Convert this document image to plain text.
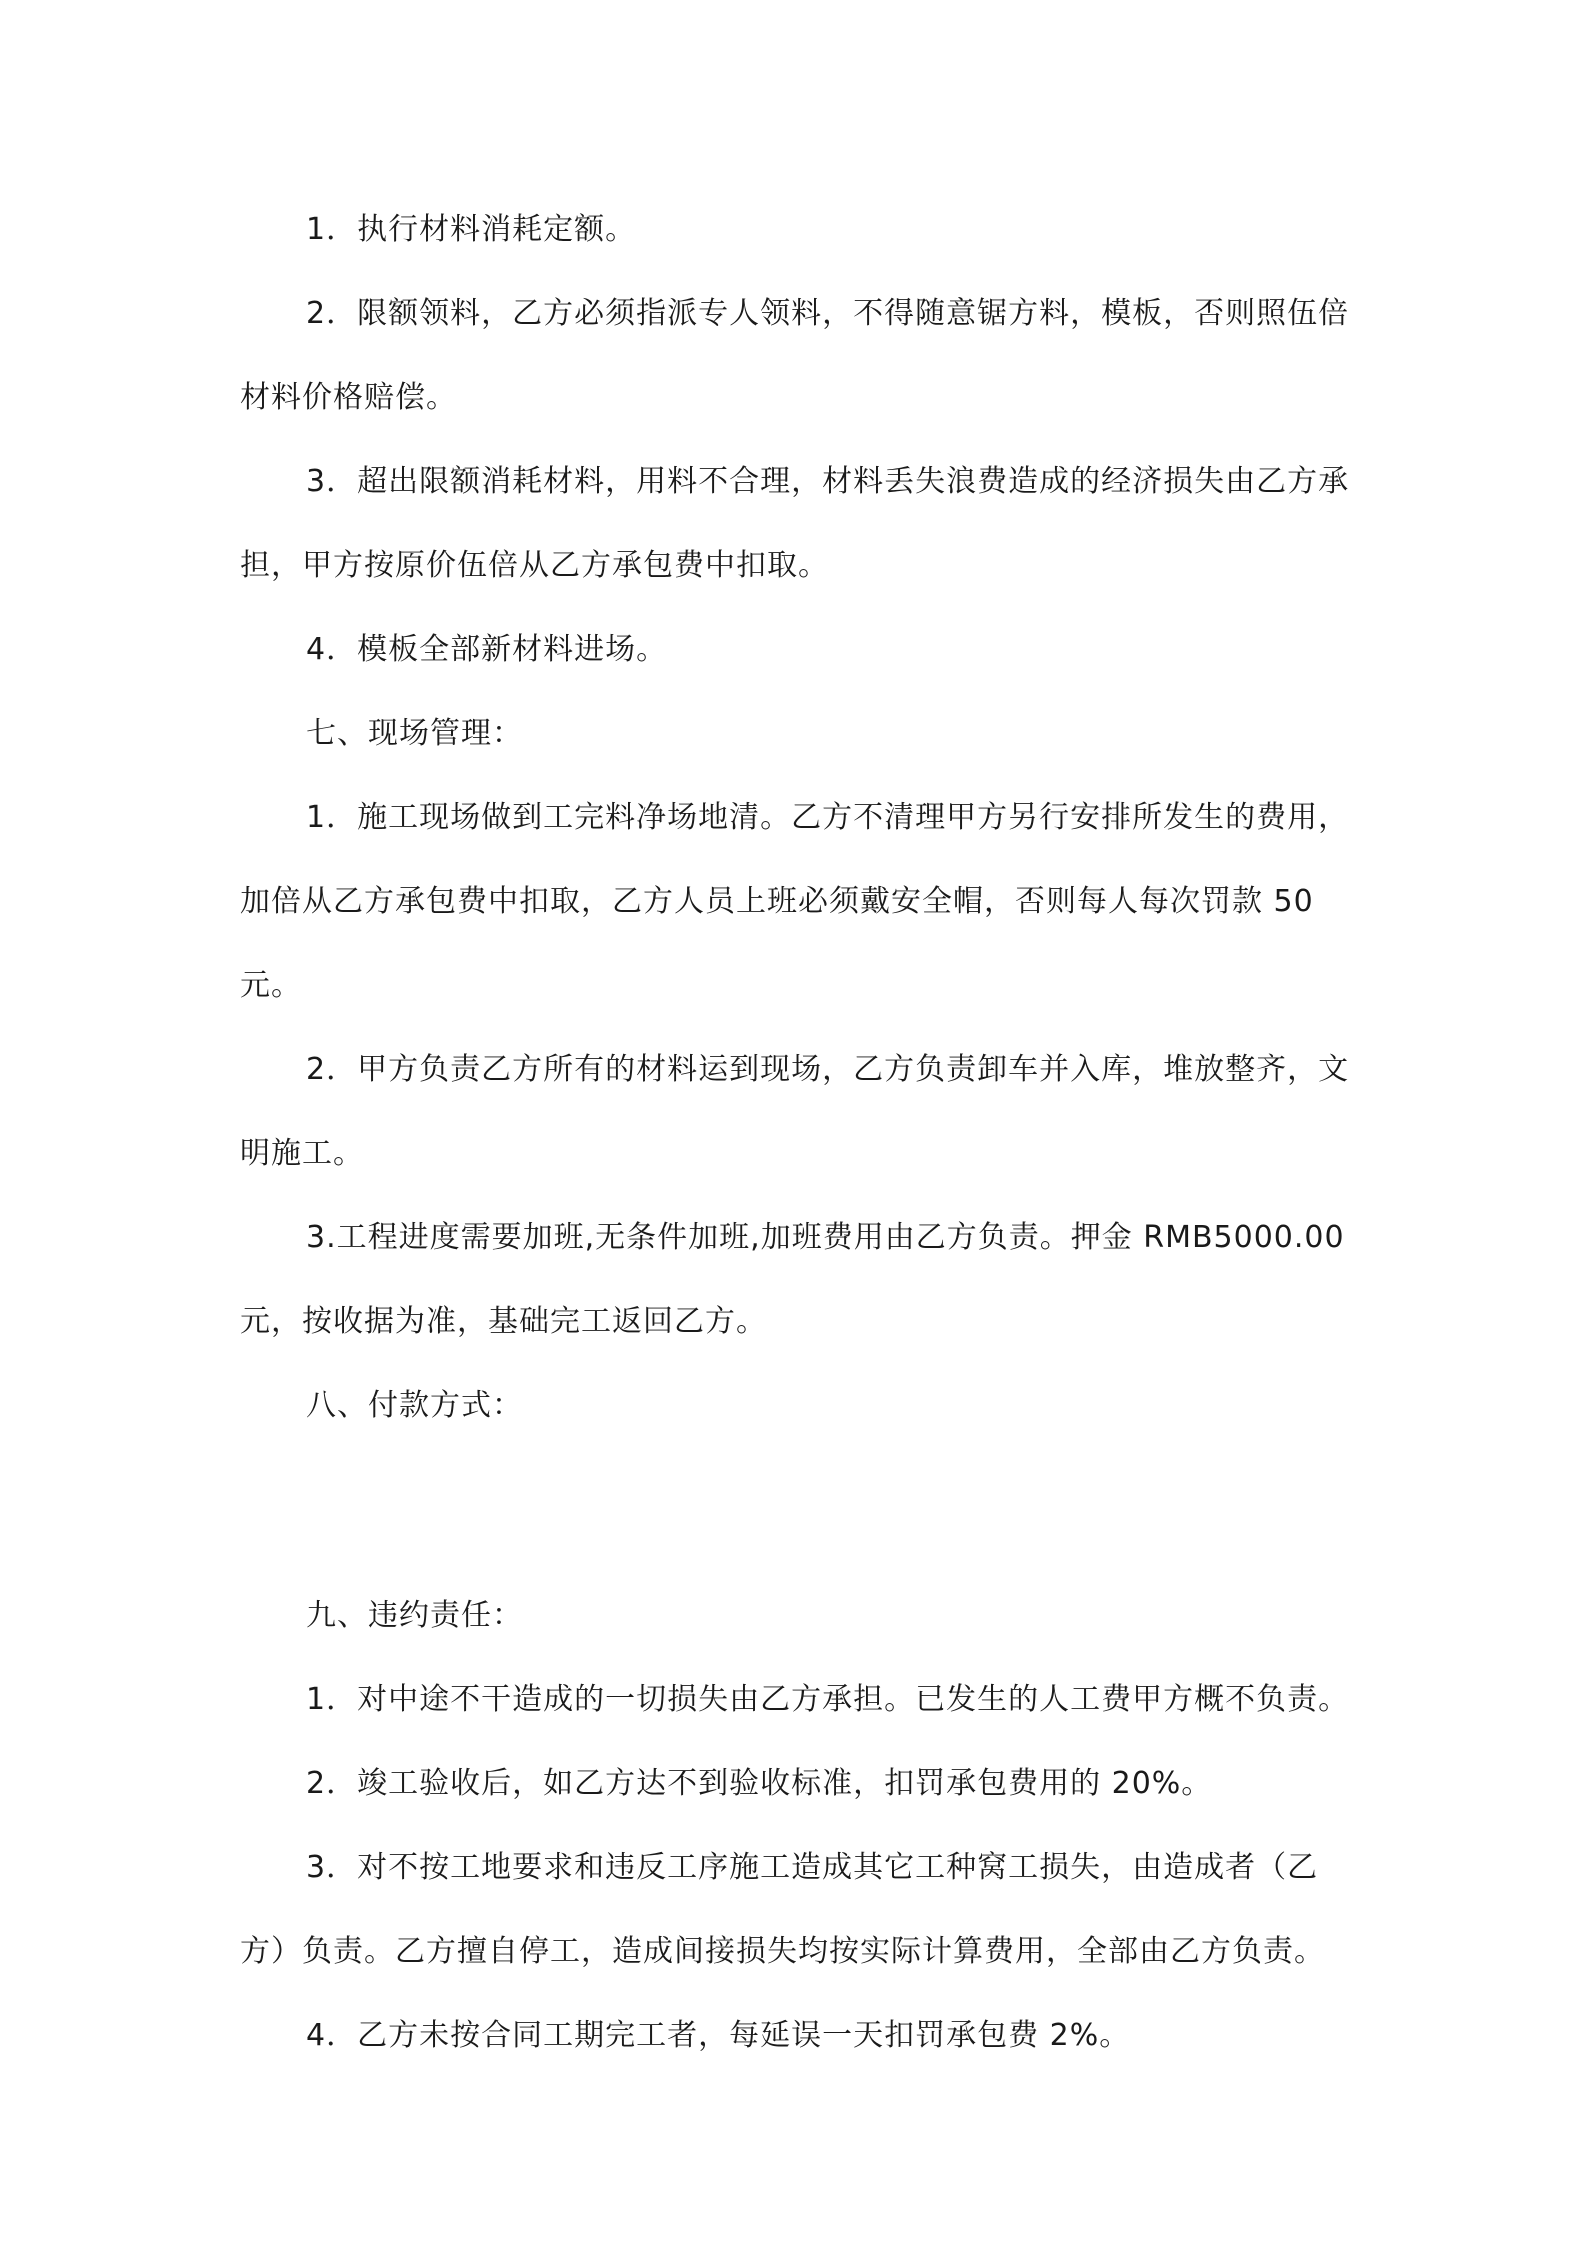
1．执行材料消耗定额。

2．限额领料，乙方必须指派专人领料，不得随意锯方料，模板，否则照伍倍材料价格赔偿。

3．超出限额消耗材料，用料不合理，材料丢失浪费造成的经济损失由乙方承担，甲方按原价伍倍从乙方承包费中扣取。

4．模板全部新材料进场。

七、现场管理：

1．施工现场做到工完料净场地清。乙方不清理甲方另行安排所发生的费用，加倍从乙方承包费中扣取，乙方人员上班必须戴安全帽，否则每人每次罚款 50 元。

2．甲方负责乙方所有的材料运到现场，乙方负责卸车并入库，堆放整齐，文明施工。

3.工程进度需要加班,无条件加班,加班费用由乙方负责。押金 RMB5000.00 元，按收据为准，基础完工返回乙方。

八、付款方式：

九、违约责任：

1．对中途不干造成的一切损失由乙方承担。已发生的人工费甲方概不负责。

2．竣工验收后，如乙方达不到验收标准，扣罚承包费用的 20%。

3．对不按工地要求和违反工序施工造成其它工种窝工损失，由造成者（乙方）负责。乙方擅自停工，造成间接损失均按实际计算费用，全部由乙方负责。

4．乙方未按合同工期完工者，每延误一天扣罚承包费 2%。
